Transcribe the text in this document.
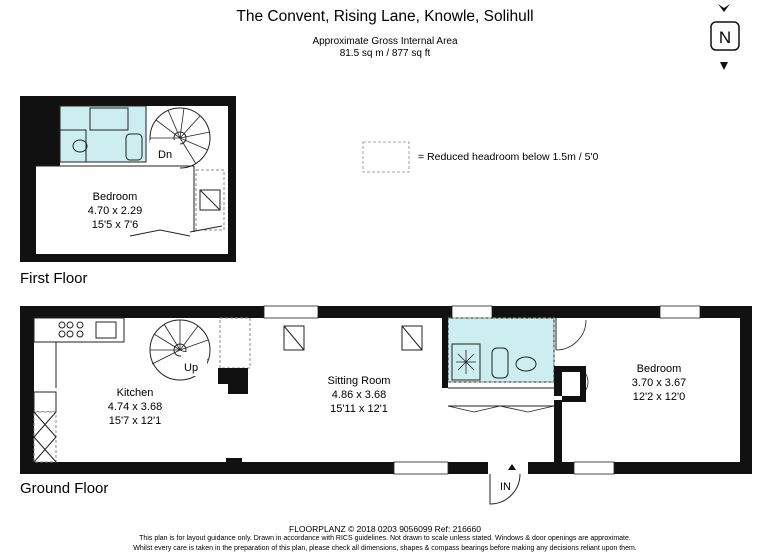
The Convent, Rising Lane, Knowle, Solihull
Approximate Gross Internal Area
81.5 sq m / 877 sq ft
N
Dn
Up
IN
= Reduced headroom below 1.5m / 5'0
Bedroom
4.70 x 2.29
15'5 x 7'6
Kitchen
4.74 x 3.68
15'7 x 12'1
Sitting Room
4.86 x 3.68
15'11 x 12'1
Bedroom
3.70 x 3.67
12'2 x 12'0
First Floor
Ground Floor
FLOORPLANZ © 2018 0203 9056099 Ref: 216660
This plan is for layout guidance only. Drawn in accordance with RICS guidelines. Not drawn to scale unless stated. Windows & door openings are approximate.
Whilst every care is taken in the preparation of this plan, please check all dimensions, shapes & compass bearings before making any decisions reliant upon them.
